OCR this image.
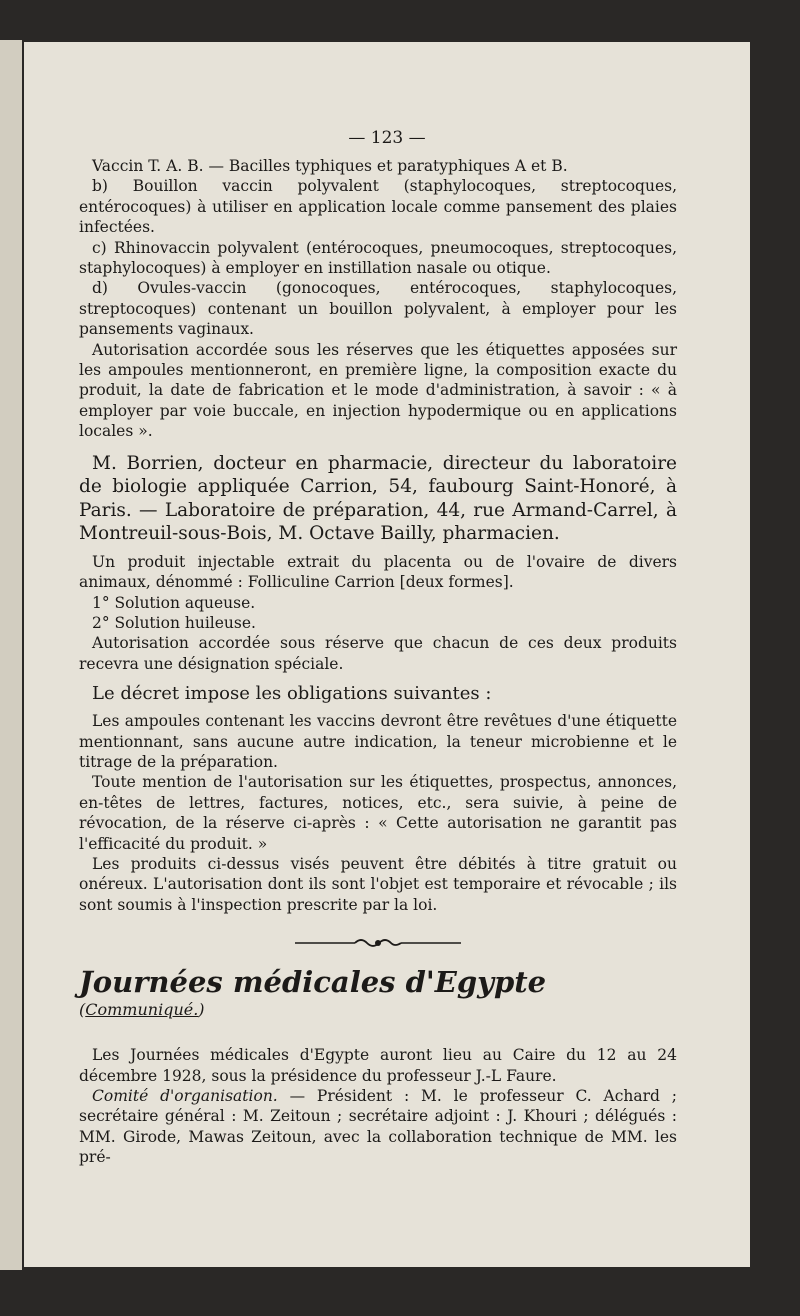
— 123 —

Vaccin T. A. B. — Bacilles typhiques et paratyphiques A et B.

b) Bouillon vaccin polyvalent (staphylocoques, streptocoques, entérocoques) à utiliser en application locale comme pansement des plaies infectées.

c) Rhinovaccin polyvalent (entérocoques, pneumocoques, streptocoques, staphylocoques) à employer en instillation nasale ou otique.

d) Ovules-vaccin (gonocoques, entérocoques, staphylocoques, streptocoques) contenant un bouillon polyvalent, à employer pour les pansements vaginaux.

Autorisation accordée sous les réserves que les étiquettes apposées sur les ampoules mentionneront, en première ligne, la composition exacte du produit, la date de fabrication et le mode d'administration, à savoir : « à employer par voie buccale, en injection hypodermique ou en applications locales ».

M. Borrien, docteur en pharmacie, directeur du laboratoire de biologie appliquée Carrion, 54, faubourg Saint-Honoré, à Paris. — Laboratoire de préparation, 44, rue Armand-Carrel, à Montreuil-sous-Bois, M. Octave Bailly, pharmacien.

Un produit injectable extrait du placenta ou de l'ovaire de divers animaux, dénommé : Folliculine Carrion [deux formes].

1° Solution aqueuse.

2° Solution huileuse.

Autorisation accordée sous réserve que chacun de ces deux produits recevra une désignation spéciale.

Le décret impose les obligations suivantes :

Les ampoules contenant les vaccins devront être revêtues d'une étiquette mentionnant, sans aucune autre indication, la teneur microbienne et le titrage de la préparation.

Toute mention de l'autorisation sur les étiquettes, prospectus, annonces, en-têtes de lettres, factures, notices, etc., sera suivie, à peine de révocation, de la réserve ci-après : « Cette autorisation ne garantit pas l'efficacité du produit. »

Les produits ci-dessus visés peuvent être débités à titre gratuit ou onéreux. L'autorisation dont ils sont l'objet est temporaire et révocable ; ils sont soumis à l'inspection prescrite par la loi.

Journées médicales d'Egypte

(Communiqué.)

Les Journées médicales d'Egypte auront lieu au Caire du 12 au 24 décembre 1928, sous la présidence du professeur J.-L Faure.

Comité d'organisation. — Président : M. le professeur C. Achard ; secrétaire général : M. Zeitoun ; secrétaire adjoint : J. Khouri ; délégués : MM. Girode, Mawas Zeitoun, avec la collaboration technique de MM. les pré-
